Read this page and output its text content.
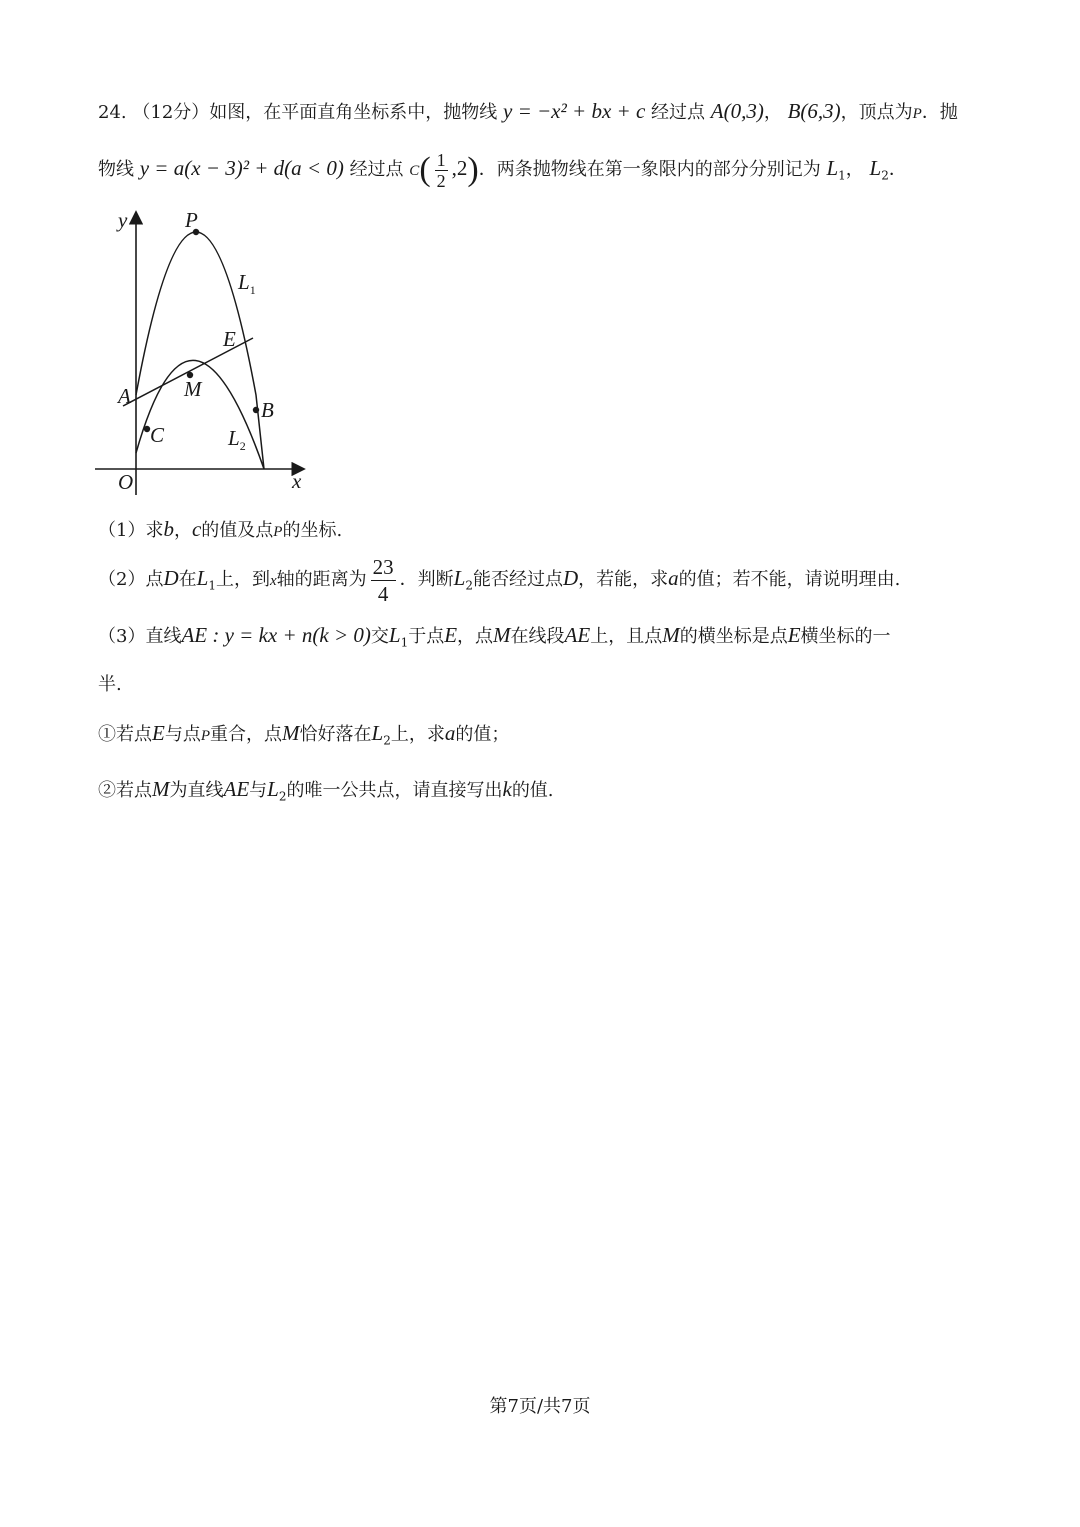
24. （12分）如图，在平面直角坐标系中，抛物线 y = −x² + bx + c 经过点 A(0,3)， B(6,3)，顶点为P．抛
物线 y = a(x − 3)² + d(a < 0) 经过点 $C( \frac{1}{2} ,2)$．两条抛物线在第一象限内的部分分别记为 $L_1$， $L_2$．
y
x
O
P
$L_1$
E
A	M
B
C	$L_2$
（1）求b，c的值及点P的坐标.
（2）点D在$L_1$上，到x轴的距离为 $\frac{23}{4}$ ．判断$L_2$能否经过点D，若能，求a的值；若不能，请说明理由.
（3）直线AE : y = kx + n(k > 0)交$L_1$于点E，点M在线段AE上，且点M的横坐标是点E横坐标的一
半.
①若点E与点P重合，点M恰好落在$L_2$上，求a的值；
②若点M为直线AE与$L_2$的唯一公共点，请直接写出k的值.
第7页/共7页
